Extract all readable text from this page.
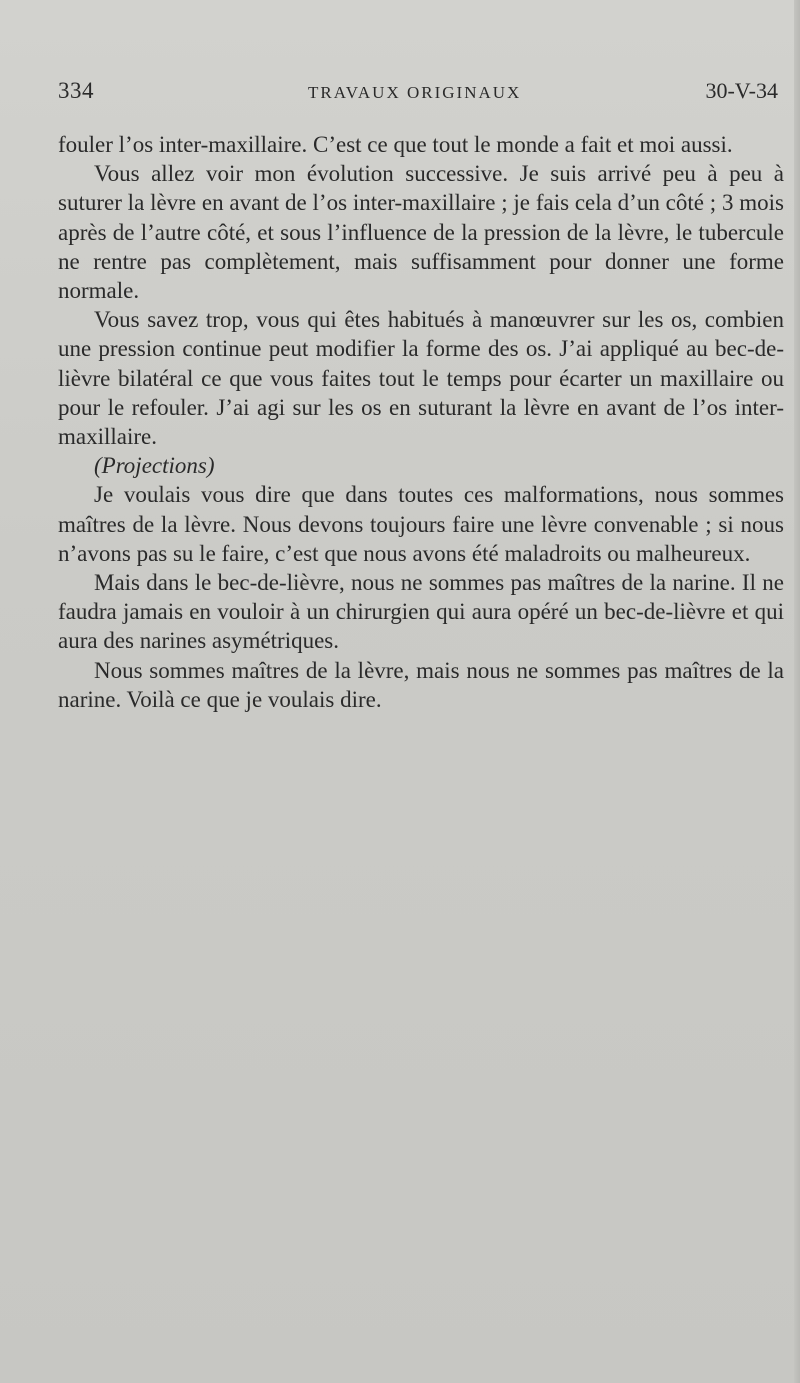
334	TRAVAUX ORIGINAUX	30-V-34

fouler l’os inter-maxillaire. C’est ce que tout le monde a fait et moi aussi.

Vous allez voir mon évolution successive. Je suis arrivé peu à peu à suturer la lèvre en avant de l’os inter-maxillaire ; je fais cela d’un côté ; 3 mois après de l’autre côté, et sous l’influence de la pression de la lèvre, le tubercule ne rentre pas complètement, mais suffisamment pour donner une forme normale.

Vous savez trop, vous qui êtes habitués à manœuvrer sur les os, combien une pression continue peut modifier la forme des os. J’ai appliqué au bec-de-lièvre bilatéral ce que vous faites tout le temps pour écarter un maxillaire ou pour le refouler. J’ai agi sur les os en suturant la lèvre en avant de l’os inter-maxillaire.

(Projections)

Je voulais vous dire que dans toutes ces malformations, nous sommes maîtres de la lèvre. Nous devons toujours faire une lèvre convenable ; si nous n’avons pas su le faire, c’est que nous avons été maladroits ou malheureux.

Mais dans le bec-de-lièvre, nous ne sommes pas maîtres de la narine. Il ne faudra jamais en vouloir à un chirurgien qui aura opéré un bec-de-lièvre et qui aura des narines asymétriques.

Nous sommes maîtres de la lèvre, mais nous ne sommes pas maîtres de la narine. Voilà ce que je voulais dire.
